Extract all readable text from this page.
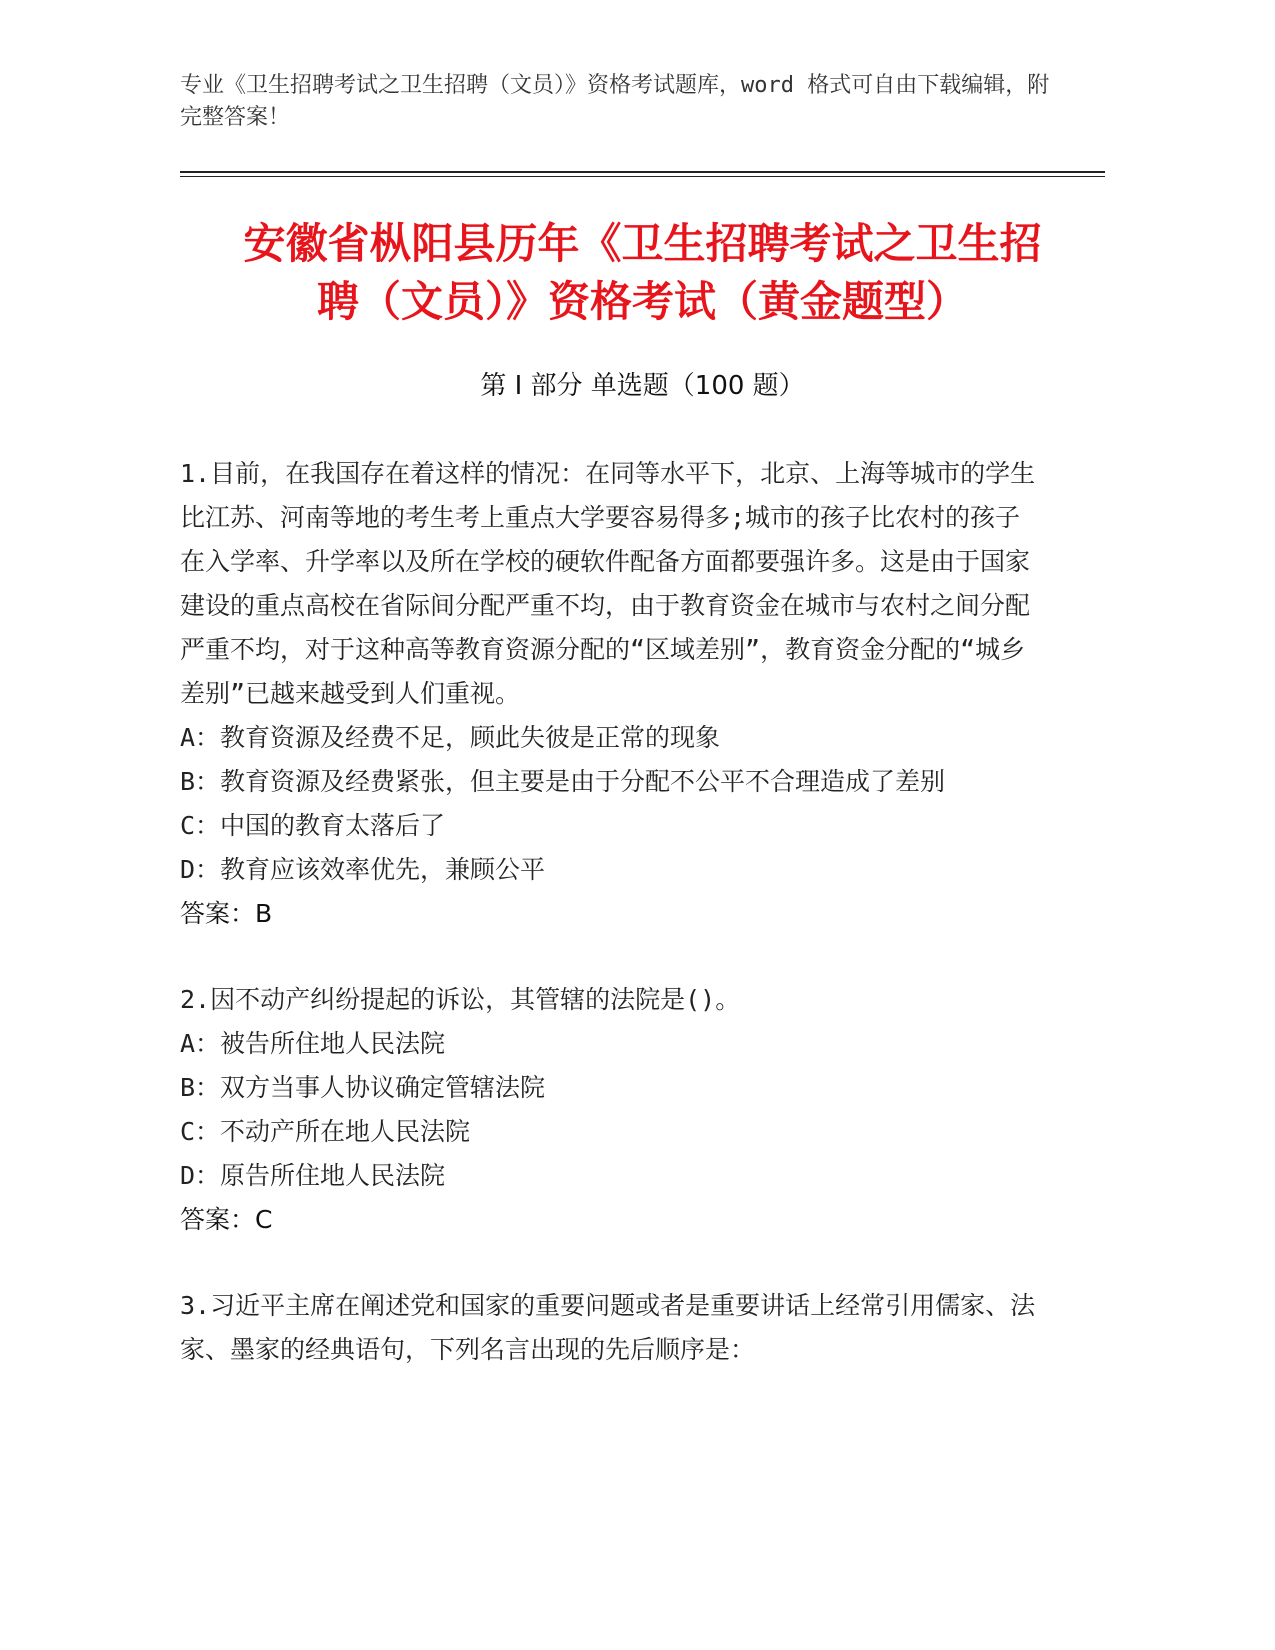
专业《卫生招聘考试之卫生招聘（文员）》资格考试题库，word 格式可自由下载编辑，附完整答案！
安徽省枞阳县历年《卫生招聘考试之卫生招
聘（文员）》资格考试（黄金题型）
第 I 部分 单选题（100 题）

1.目前，在我国存在着这样的情况：在同等水平下，北京、上海等城市的学生比江苏、河南等地的考生考上重点大学要容易得多;城市的孩子比农村的孩子在入学率、升学率以及所在学校的硬软件配备方面都要强许多。这是由于国家建设的重点高校在省际间分配严重不均，由于教育资金在城市与农村之间分配严重不均，对于这种高等教育资源分配的“区域差别”，教育资金分配的“城乡差别”已越来越受到人们重视。

A：教育资源及经费不足，顾此失彼是正常的现象

B：教育资源及经费紧张，但主要是由于分配不公平不合理造成了差别

C：中国的教育太落后了

D：教育应该效率优先，兼顾公平

答案：B

2.因不动产纠纷提起的诉讼，其管辖的法院是()。

A：被告所住地人民法院

B：双方当事人协议确定管辖法院

C：不动产所在地人民法院

D：原告所住地人民法院

答案：C

3.习近平主席在阐述党和国家的重要问题或者是重要讲话上经常引用儒家、法家、墨家的经典语句，下列名言出现的先后顺序是：
